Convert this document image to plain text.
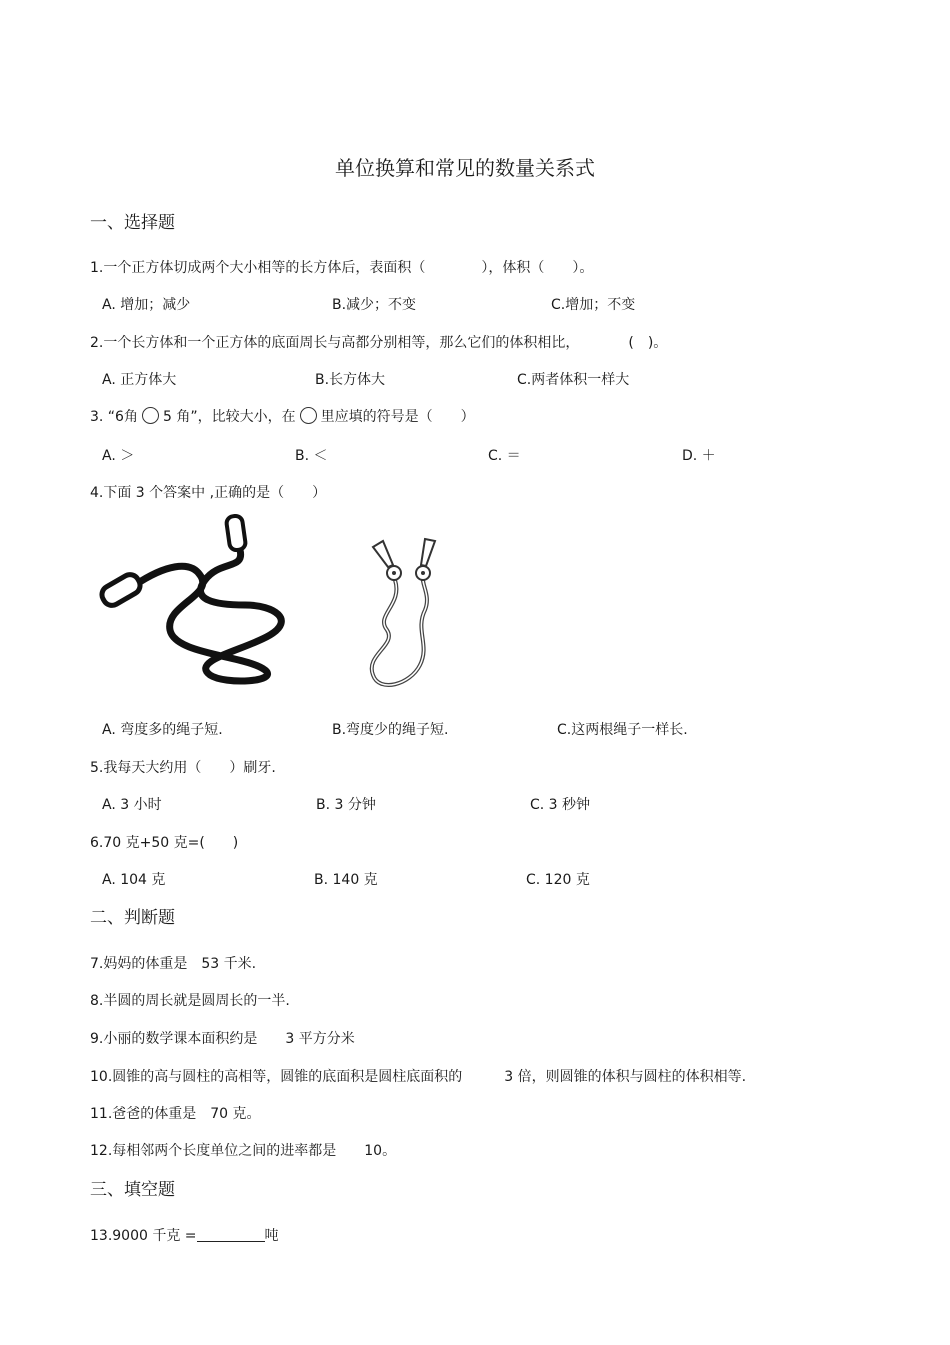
单位换算和常见的数量关系式
一、选择题
1.一个正方体切成两个大小相等的长方体后，表面积（　　　　），体积（　　）。
A. 增加；减少	B.减少；不变	C.增加；不变
2.一个长方体和一个正方体的底面周长与高都分别相等，那么它们的体积相比，　　　　(　)。
A. 正方体大	B.长方体大	C.两者体积一样大
3. “6角 5 角”，比较大小，在 里应填的符号是（　　）
A. ＞	B. ＜	C. ＝	D. ＋
4.下面 3 个答案中 ,正确的是（　　）
A. 弯度多的绳子短.	B.弯度少的绳子短.	C.这两根绳子一样长.
5.我每天大约用（　　）刷牙.
A. 3 小时	B. 3 分钟	C. 3 秒钟
6.70 克+50 克=(　　)
A. 104 克	B. 140 克	C. 120 克
二、判断题
7.妈妈的体重是　53 千米.
8.半圆的周长就是圆周长的一半.
9.小丽的数学课本面积约是　　3 平方分米
10.圆锥的高与圆柱的高相等，圆锥的底面积是圆柱底面积的　　　3 倍，则圆锥的体积与圆柱的体积相等.
11.爸爸的体重是　70 克。
12.每相邻两个长度单位之间的进率都是　　10。
三、填空题
13.9000 千克 =	吨
